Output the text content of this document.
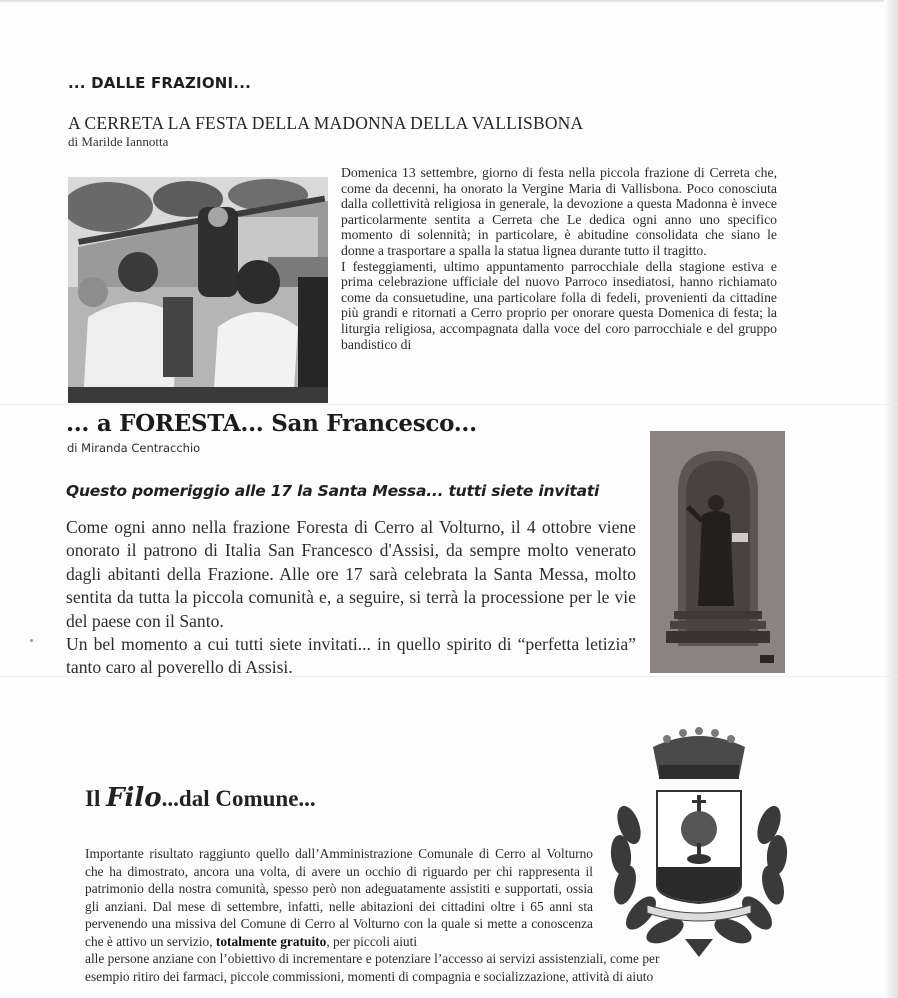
... DALLE FRAZIONI...
A CERRETA LA FESTA DELLA MADONNA DELLA VALLISBONA
di Marilde Iannotta

Domenica 13 settembre, giorno di festa nella piccola frazione di Cerreta che, come da decenni, ha onorato la Vergine Maria di Vallisbona. Poco conosciuta dalla collettività religiosa in generale, la devozione a questa Madonna è invece particolarmente sentita a Cerreta che Le dedica ogni anno uno specifico momento di solennità; in particolare, è abitudine consolidata che siano le donne a trasportare a spalla la statua lignea durante tutto il tragitto.

I festeggiamenti, ultimo appuntamento parrocchiale della stagione estiva e prima celebrazione ufficiale del nuovo Parroco insediatosi, hanno richiamato come da consuetudine, una particolare folla di fedeli, provenienti da cittadine più grandi e ritornati a Cerro proprio per onorare questa Domenica di festa; la liturgia religiosa, accompagnata dalla voce del coro parrocchiale e del gruppo bandistico di

... a FORESTA... San Francesco...
di Miranda Centracchio
Questo pomeriggio alle 17 la Santa Messa... tutti siete invitati

Come ogni anno nella frazione Foresta di Cerro al Volturno, il 4 ottobre viene onorato il patrono di Italia San Francesco d'Assisi, da sempre molto venerato dagli abitanti della Frazione. Alle ore 17 sarà celebrata la Santa Messa, molto sentita da tutta la piccola comunità e, a seguire, si terrà la processione per le vie del paese con il Santo.

Un bel momento a cui tutti siete invitati... in quello spirito di “perfetta letizia” tanto caro al poverello di Assisi.

Il Filo...dal Comune...
Importante risultato raggiunto quello dall’Amministrazione Comunale di Cerro al Volturno che ha dimostrato, ancora una volta, di avere un occhio di riguardo per chi rappresenta il patrimonio della nostra comunità, spesso però non adeguatamente assistiti e supportati, ossia gli anziani. Dal mese di settembre, infatti, nelle abitazioni dei cittadini oltre i 65 anni sta pervenendo una missiva del Comune di Cerro al Volturno con la quale si mette a conoscenza che è attivo un servizio, totalmente gratuito, per piccoli aiuti
alle persone anziane con l’obiettivo di incrementare e potenziare l’accesso ai servizi assistenziali, come per
esempio ritiro dei farmaci, piccole commissioni, momenti di compagnia e socializzazione, attività di aiuto
